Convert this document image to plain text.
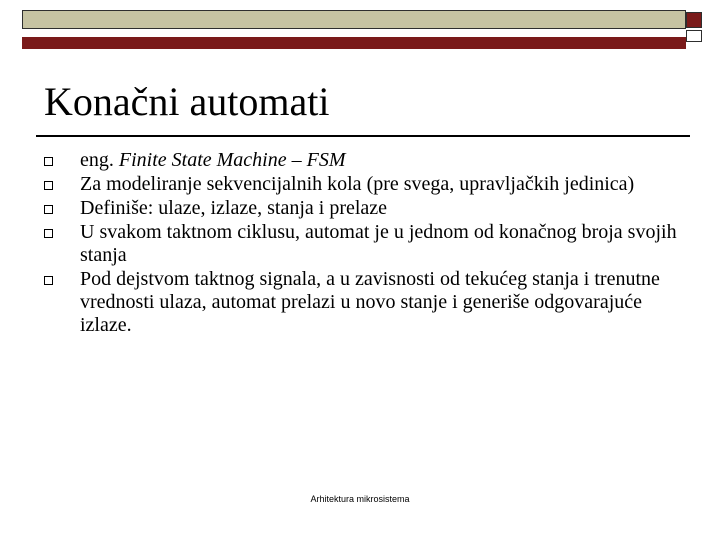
Konačni automati
eng. Finite State Machine – FSM
Za modeliranje sekvencijalnih kola (pre svega, upravljačkih jedinica)
Definiše: ulaze, izlaze, stanja i prelaze
U svakom taktnom ciklusu, automat je u jednom od konačnog broja svojih stanja
Pod dejstvom taktnog signala, a u zavisnosti od tekućeg stanja i trenutne vrednosti ulaza, automat prelazi u novo stanje i generiše odgovarajuće izlaze.
Arhitektura mikrosistema
